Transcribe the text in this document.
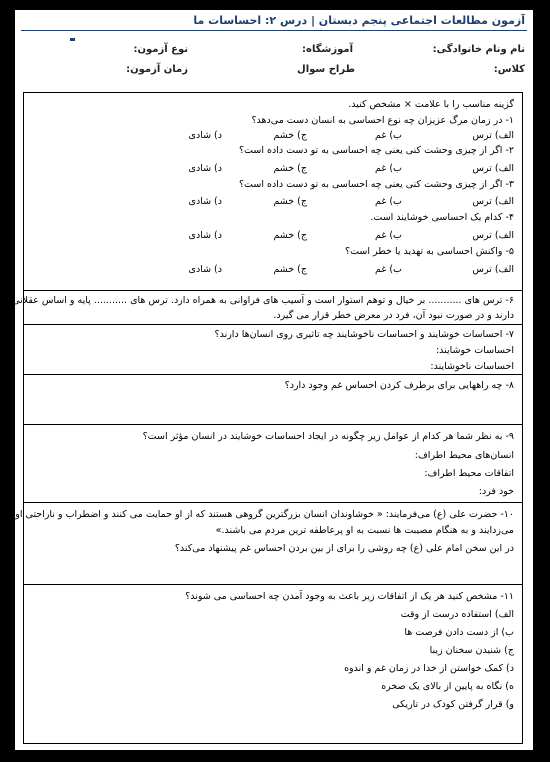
آزمون مطالعات اجتماعی پنجم دبستان | درس ۲: احساسات ما
نام ونام خانوادگی:
آموزشگاه:
نوع آزمون:
کلاس:
طراح سوال
زمان آزمون:
گزینه مناسب را با علامت × مشخص کنید.
۱- در زمان مرگ عزیزان چه نوع احساسی به انسان دست می‌دهد؟
الف) ترس
ب) غم
ج) خشم
د) شادی
۲- اگر از چیزی وحشت کنی یعنی چه احساسی به تو دست داده است؟
الف) ترس
ب) غم
ج) خشم
د) شادی
۳- اگر از چیزی وحشت کنی یعنی چه احساسی به تو دست داده است؟
الف) ترس
ب) غم
ج) خشم
د) شادی
۴- کدام یک احساسی خوشایند است.
الف) ترس
ب) غم
ج) خشم
د) شادی
۵- واکنش احساسی به تهدید یا خطر است؟
الف) ترس
ب) غم
ج) خشم
د) شادی
۶- ترس های ........... بر خیال و توهم استوار است و آسیب های فراوانی به همراه دارد. ترس های ........... پایه و اساس عقلانی
دارند و در صورت نبود آن، فرد در معرض خطر قرار می گیرد.
۷- احساسات خوشایند و احساسات ناخوشایند چه تاثیری روی انسان‌ها دارند؟
احساسات خوشایند:
احساسات ناخوشایند:
۸- چه راههایی برای برطرف کردن احساس غم وجود دارد؟
۹- به نظر شما هر کدام از عوامل زیر چگونه در ایجاد احساسات خوشایند در انسان مؤثر است؟
انسان‌های محیط اطراف:
اتفاقات محیط اطراف:
خود فرد:
۱۰- حضرت علی (ع) می‌فرمایند: « خوشاوندان انسان بزرگترین گروهی هستند که از او حمایت می کنند و اضطراب و ناراحتی او را
می‌زدایند و به هنگام مصیبت ها نسبت به او پرعاطفه ترین مردم می باشند.»
در این سخن امام علی (ع) چه روشی را برای از بین بردن احساس غم پیشنهاد می‌کند؟
۱۱- مشخص کنید هر یک از اتفاقات زیر باعث به وجود آمدن چه احساسی می شوند؟
الف) استفاده درست از وقت
ب) از دست دادن فرصت ها
ج) شنیدن سخنان زیبا
د) کمک خواستن از خدا در زمان غم و اندوه
ه) نگاه به پایین از بالای یک صخره
و) قرار گرفتن کودک در تاریکی
